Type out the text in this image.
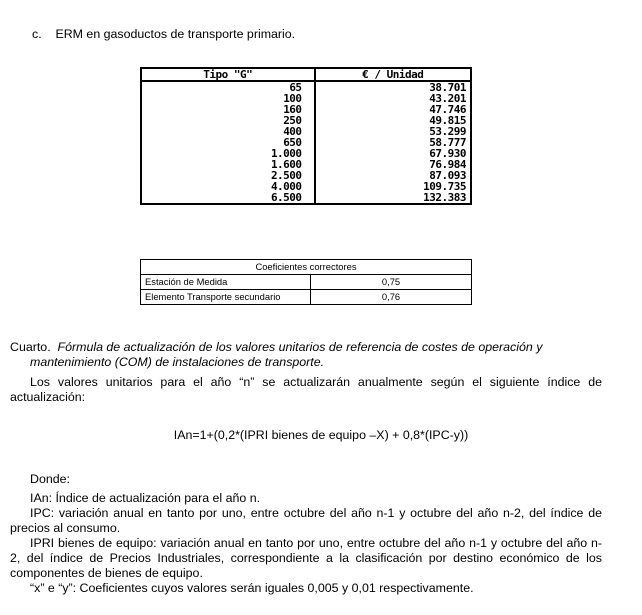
c. ERM en gasoductos de transporte primario.
Tipo "G"	€ / Unidad
65	38.701
100	43.201
160	47.746
250	49.815
400	53.299
650	58.777
1.000	67.930
1.600	76.984
2.500	87.093
4.000	109.735
6.500	132.383
Coeficientes correctores	
Estación de Medida	0,75
Elemento Transporte secundario	0,76
Cuarto. Fórmula de actualización de los valores unitarios de referencia de costes de operación y
mantenimiento (COM) de instalaciones de transporte.
Los valores unitarios para el año “n” se actualizarán anualmente según el siguiente índice de actualización:
IAn=1+(0,2*(IPRI bienes de equipo –X) + 0,8*(IPC-y))
Donde:
IAn: Índice de actualización para el año n.
IPC: variación anual en tanto por uno, entre octubre del año n-1 y octubre del año n-2, del índice de precios al consumo.
IPRI bienes de equipo: variación anual en tanto por uno, entre octubre del año n-1 y octubre del año n-2, del índice de Precios Industriales, correspondiente a la clasificación por destino económico de los componentes de bienes de equipo.
“x” e “y”: Coeficientes cuyos valores serán iguales 0,005 y 0,01 respectivamente.
